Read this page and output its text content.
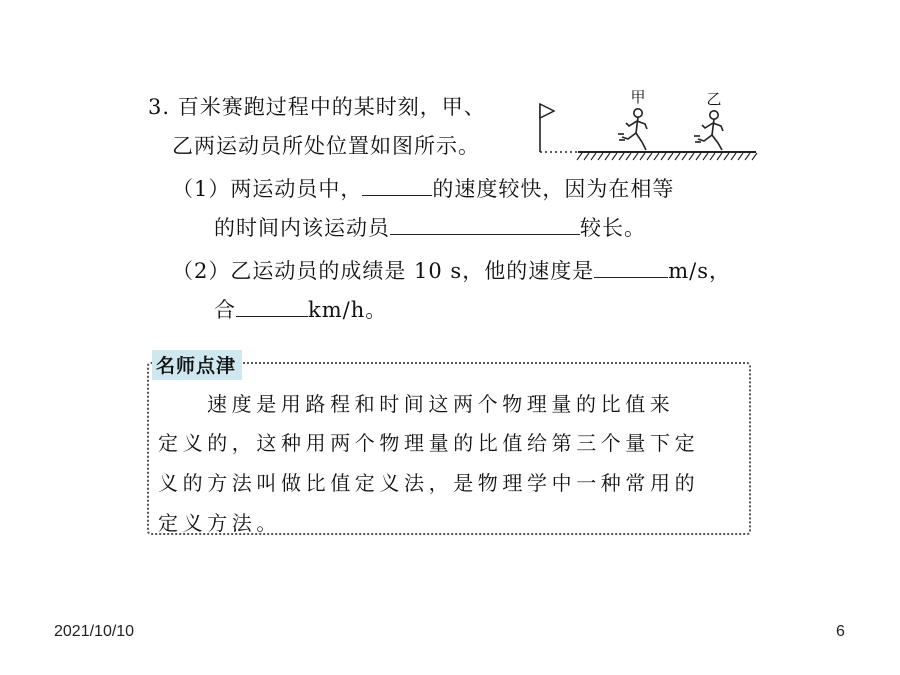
3. 百米赛跑过程中的某时刻，甲、
乙两运动员所处位置如图所示。
（1）两运动员中，	的速度较快，因为在相等
的时间内该运动员	较长。
（2）乙运动员的成绩是 10 s，他的速度是	m/s，
合	km/h。
甲	乙
名师点津
速度是用路程和时间这两个物理量的比值来
定义的，这种用两个物理量的比值给第三个量下定
义的方法叫做比值定义法，是物理学中一种常用的
定义方法。
2021/10/10	6
